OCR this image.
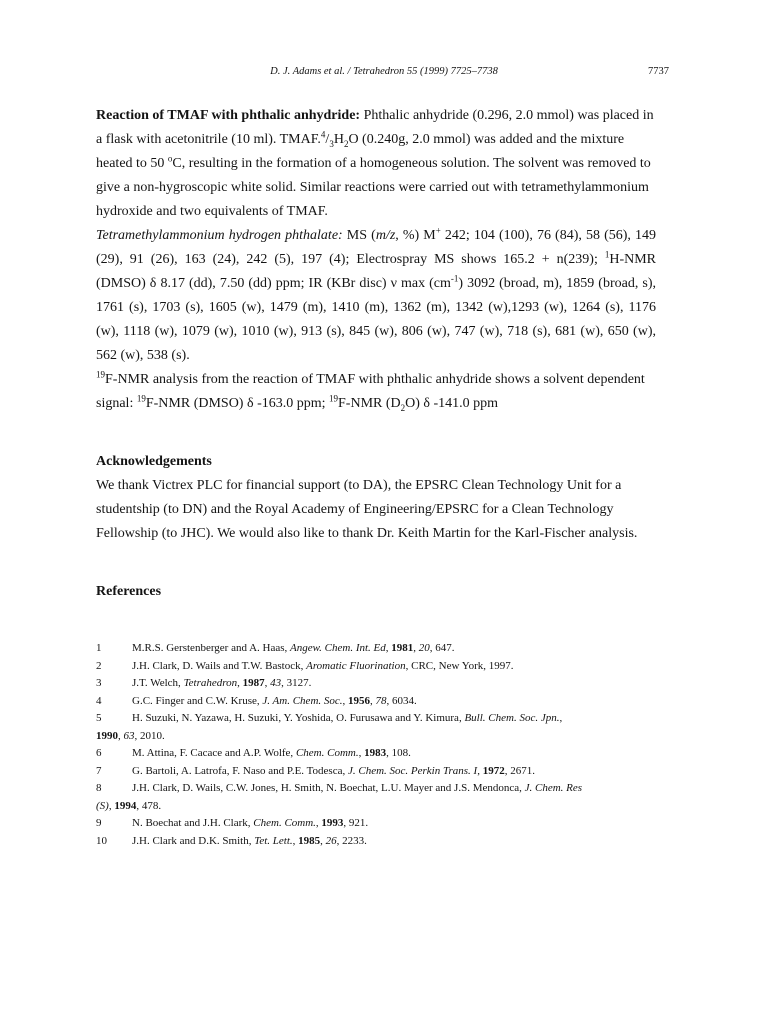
D. J. Adams et al. / Tetrahedron 55 (1999) 7725–7738	7737

Reaction of TMAF with phthalic anhydride: Phthalic anhydride (0.296, 2.0 mmol) was placed in a flask with acetonitrile (10 ml). $TMAF.^4/_3H_2O$ (0.240g, 2.0 mmol) was added and the mixture heated to 50 $^o$C, resulting in the formation of a homogeneous solution. The solvent was removed to give a non-hygroscopic white solid. Similar reactions were carried out with tetramethylammonium hydroxide and two equivalents of TMAF.

Tetramethylammonium hydrogen phthalate: MS (m/z, %) M+ 242; 104 (100), 76 (84), 58 (56), 149 (29), 91 (26), 163 (24), 242 (5), 197 (4); Electrospray MS shows 165.2 + n(239); $^1$H-NMR (DMSO) δ 8.17 (dd), 7.50 (dd) ppm; IR (KBr disc) ν $\max (cm^{-1})$ 3092 (broad, m), 1859 (broad, s), 1761 (s), 1703 (s), 1605 (w), 1479 (m), 1410 (m), 1362 (m), 1342 (w),1293 (w), 1264 (s), 1176 (w), 1118 (w), 1079 (w), 1010 (w), 913 (s), 845 (w), 806 (w), 747 (w), 718 (s), 681 (w), 650 (w), 562 (w), 538 (s).

$^{19}$F-NMR analysis from the reaction of TMAF with phthalic anhydride shows a solvent dependent signal: $^{19}$F-NMR (DMSO) δ -163.0 ppm; $^{19}$F-NMR $(D_2O)$ δ -141.0 ppm

Acknowledgements

We thank Victrex PLC for financial support (to DA), the EPSRC Clean Technology Unit for a studentship (to DN) and the Royal Academy of Engineering/EPSRC for a Clean Technology Fellowship (to JHC). We would also like to thank Dr. Keith Martin for the Karl-Fischer analysis.

References
1	M.R.S. Gerstenberger and A. Haas, Angew. Chem. Int. Ed, 1981, 20, 647.
2	J.H. Clark, D. Wails and T.W. Bastock, Aromatic Fluorination, CRC, New York, 1997.
3	J.T. Welch, Tetrahedron, 1987, 43, 3127.
4	G.C. Finger and C.W. Kruse, J. Am. Chem. Soc., 1956, 78, 6034.
5	H. Suzuki, N. Yazawa, H. Suzuki, Y. Yoshida, O. Furusawa and Y. Kimura, Bull. Chem. Soc. Jpn.,
1990, 63, 2010.
6	M. Attina, F. Cacace and A.P. Wolfe, Chem. Comm., 1983, 108.
7	G. Bartoli, A. Latrofa, F. Naso and P.E. Todesca, J. Chem. Soc. Perkin Trans. I, 1972, 2671.
8	J.H. Clark, D. Wails, C.W. Jones, H. Smith, N. Boechat, L.U. Mayer and J.S. Mendonca, J. Chem. Res
(S), 1994, 478.
9	N. Boechat and J.H. Clark, Chem. Comm., 1993, 921.
10	J.H. Clark and D.K. Smith, Tet. Lett., 1985, 26, 2233.
